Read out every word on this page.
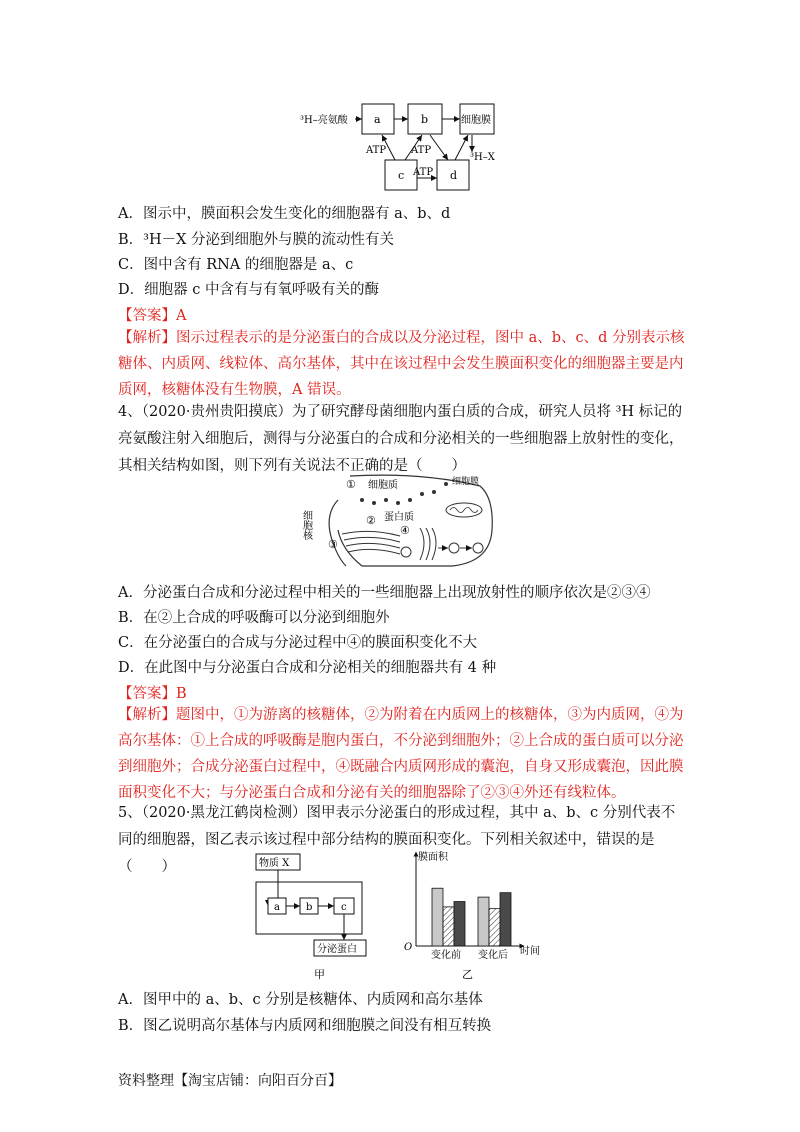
³H–亮氨酸 a	b	细胞膜
c	d
ATP ATP
ATP
³H–X
A．图示中，膜面积会发生变化的细胞器有 a、b、d
B．³H－X 分泌到细胞外与膜的流动性有关
C．图中含有 RNA 的细胞器是 a、c
D．细胞器 c 中含有与有氧呼吸有关的酶
【答案】A
【解析】图示过程表示的是分泌蛋白的合成以及分泌过程，图中 a、b、c、d 分别表示核糖体、内质网、线粒体、高尔基体，其中在该过程中会发生膜面积变化的细胞器主要是内质网，核糖体没有生物膜，A 错误。
4、（2020·贵州贵阳摸底）为了研究酵母菌细胞内蛋白质的合成，研究人员将 ³H 标记的亮氨酸注射入细胞后，测得与分泌蛋白的合成和分泌相关的一些细胞器上放射性的变化，其相关结构如图，则下列有关说法不正确的是（　　）
细胞核
① 细胞质	细胞膜
② 蛋白质
④
③
A．分泌蛋白合成和分泌过程中相关的一些细胞器上出现放射性的顺序依次是②③④
B．在②上合成的呼吸酶可以分泌到细胞外
C．在分泌蛋白的合成与分泌过程中④的膜面积变化不大
D．在此图中与分泌蛋白合成和分泌相关的细胞器共有 4 种
【答案】B
【解析】题图中，①为游离的核糖体，②为附着在内质网上的核糖体，③为内质网，④为高尔基体：①上合成的呼吸酶是胞内蛋白，不分泌到细胞外；②上合成的蛋白质可以分泌到细胞外；合成分泌蛋白过程中，④既融合内质网形成的囊泡，自身又形成囊泡，因此膜面积变化不大；与分泌蛋白合成和分泌有关的细胞器除了②③④外还有线粒体。
5、（2020·黑龙江鹤岗检测）图甲表示分泌蛋白的形成过程，其中 a、b、c 分别代表不同的细胞器，图乙表示该过程中部分结构的膜面积变化。下列相关叙述中，错误的是（　　）	物质 X
a	b	c
分泌蛋白
甲
膜面积
O	时间
变化前 变化后
乙
A．图甲中的 a、b、c 分别是核糖体、内质网和高尔基体
B．图乙说明高尔基体与内质网和细胞膜之间没有相互转换
资料整理【淘宝店铺：向阳百分百】
